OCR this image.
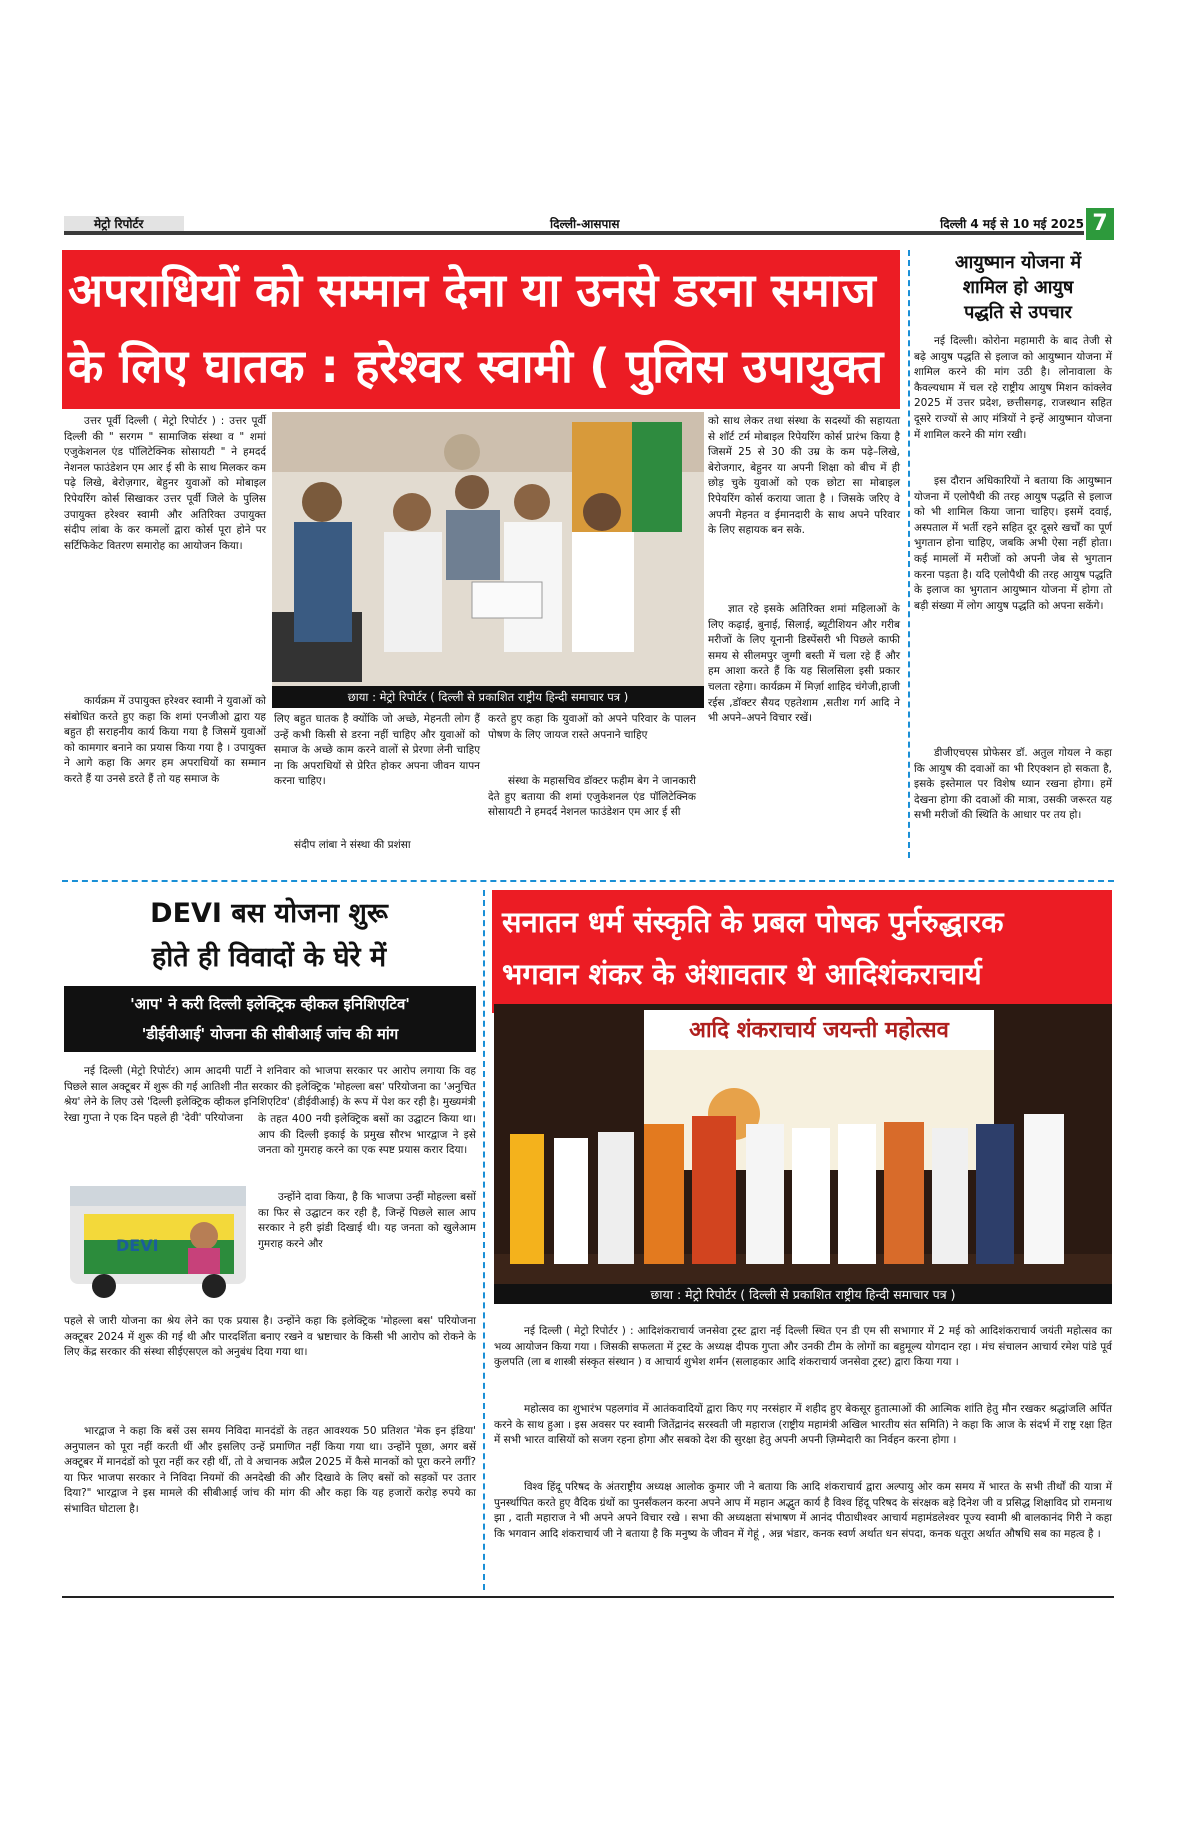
मेट्रो रिपोर्टर	दिल्ली-आसपास	दिल्ली 4 मई से 10 मई 2025 7
अपराधियों को सम्मान देना या उनसे डरना समाज
के लिए घातक : हरेश्वर स्वामी ( पुलिस उपायुक्त )
आयुष्मान योजना में
शामिल हो आयुष
पद्धति से उपचार
नई दिल्ली। कोरोना महामारी के बाद तेजी से बढ़े आयुष पद्धति से इलाज को आयुष्मान योजना में शामिल करने की मांग उठी है। लोनावाला के कैवल्यधाम में चल रहे राष्ट्रीय आयुष मिशन कांक्लेव 2025 में उत्तर प्रदेश, छत्तीसगढ़, राजस्थान सहित दूसरे राज्यों से आए मंत्रियों ने इन्हें आयुष्मान योजना में शामिल करने की मांग रखी।
इस दौरान अधिकारियों ने बताया कि आयुष्मान योजना में एलोपैथी की तरह आयुष पद्धति से इलाज को भी शामिल किया जाना चाहिए। इसमें दवाई, अस्पताल में भर्ती रहने सहित दूर दूसरे खर्चों का पूर्ण भुगतान होना चाहिए, जबकि अभी ऐसा नहीं होता। कई मामलों में मरीजों को अपनी जेब से भुगतान करना पड़ता है। यदि एलोपैथी की तरह आयुष पद्धति के इलाज का भुगतान आयुष्मान योजना में होगा तो बड़ी संख्या में लोग आयुष पद्धति को अपना सकेंगे।
डीजीएचएस प्रोफेसर डॉ. अतुल गोयल ने कहा कि आयुष की दवाओं का भी रिएक्शन हो सकता है, इसके इस्तेमाल पर विशेष ध्यान रखना होगा। हमें देखना होगा की दवाओं की मात्रा, उसकी जरूरत यह सभी मरीजों की स्थिति के आधार पर तय हो।
छाया : मेट्रो रिपोर्टर ( दिल्ली से प्रकाशित राष्ट्रीय हिन्दी समाचार पत्र )
उत्तर पूर्वी दिल्ली ( मेट्रो रिपोर्टर ) : उत्तर पूर्वी दिल्ली की " सरगम " सामाजिक संस्था व " शमां एजुकेशनल एंड पॉलिटेक्निक सोसायटी " ने हमदर्द नेशनल फाउंडेशन एम आर ई सी के साथ मिलकर कम पढ़े लिखे, बेरोज़गार, बेहुनर युवाओं को मोबाइल रिपेयरिंग कोर्स सिखाकर उत्तर पूर्वी जिले के पुलिस उपायुक्त हरेश्वर स्वामी और अतिरिक्त उपायुक्त संदीप लांबा के कर कमलों द्वारा कोर्स पूरा होने पर सर्टिफिकेट वितरण समारोह का आयोजन किया।
कार्यक्रम में उपायुक्त हरेश्वर स्वामी ने युवाओं को संबोधित करते हुए कहा कि शमां एनजीओ द्वारा यह बहुत ही सराहनीय कार्य किया गया है जिसमें युवाओं को कामगार बनाने का प्रयास किया गया है । उपायुक्त ने आगे कहा कि अगर हम अपराधियों का सम्मान करते हैं या उनसे डरते हैं तो यह समाज के
लिए बहुत घातक है क्योंकि जो अच्छे, मेहनती लोग हैं उन्हें कभी किसी से डरना नहीं चाहिए और युवाओं को समाज के अच्छे काम करने वालों से प्रेरणा लेनी चाहिए ना कि अपराधियों से प्रेरित होकर अपना जीवन यापन करना चाहिए।
संदीप लांबा ने संस्था की प्रशंसा
करते हुए कहा कि युवाओं को अपने परिवार के पालन पोषण के लिए जायज रास्ते अपनाने चाहिए
संस्था के महासचिव डॉक्टर फहीम बेग ने जानकारी देते हुए बताया की शमां एजुकेशनल एंड पॉलिटेक्निक सोसायटी ने हमदर्द नेशनल फाउंडेशन एम आर ई सी
को साथ लेकर तथा संस्था के सदस्यों की सहायता से शॉर्ट टर्म मोबाइल रिपेयरिंग कोर्स प्रारंभ किया है जिसमें 25 से 30 की उम्र के कम पढ़े–लिखे, बेरोजगार, बेहुनर या अपनी शिक्षा को बीच में ही छोड़ चुके युवाओं को एक छोटा सा मोबाइल रिपेयरिंग कोर्स कराया जाता है । जिसके जरिए वे अपनी मेहनत व ईमानदारी के साथ अपने परिवार के लिए सहायक बन सके.
ज्ञात रहे इसके अतिरिक्त शमां महिलाओं के लिए कढ़ाई, बुनाई, सिलाई, ब्यूटीशियन और गरीब मरीजों के लिए यूनानी डिस्पेंसरी भी पिछले काफी समय से सीलमपुर जुग्गी बस्ती में चला रहे हैं और हम आशा करते हैं कि यह सिलसिला इसी प्रकार चलता रहेगा। कार्यक्रम में मिर्ज़ा शाहिद चंगेजी,हाजी रईस ,डॉक्टर सैयद एहतेशाम ,सतीश गर्ग आदि ने भी अपने–अपने विचार रखें।
DEVI बस योजना शुरू
होते ही विवादों के घेरे में
'आप' ने करी दिल्ली इलेक्ट्रिक व्हीकल इनिशिएटिव'
'डीईवीआई' योजना की सीबीआई जांच की मांग
नई दिल्ली (मेट्रो रिपोर्टर) आम आदमी पार्टी ने शनिवार को भाजपा सरकार पर आरोप लगाया कि वह पिछले साल अक्टूबर में शुरू की गई आतिशी नीत सरकार की इलेक्ट्रिक 'मोहल्ला बस' परियोजना का 'अनुचित श्रेय' लेने के लिए उसे 'दिल्ली इलेक्ट्रिक व्हीकल इनिशिएटिव' (डीईवीआई) के रूप में पेश कर रही है। मुख्यमंत्री रेखा गुप्ता ने एक दिन पहले ही 'देवी' परियोजना
DEVI
के तहत 400 नयी इलेक्ट्रिक बसों का उद्घाटन किया था। आप की दिल्ली इकाई के प्रमुख सौरभ भारद्वाज ने इसे जनता को गुमराह करने का एक स्पष्ट प्रयास करार दिया।
उन्होंने दावा किया, है कि भाजपा उन्हीं मोहल्ला बसों का फिर से उद्घाटन कर रही है, जिन्हें पिछले साल आप सरकार ने हरी झंडी दिखाई थी। यह जनता को खुलेआम गुमराह करने और
पहले से जारी योजना का श्रेय लेने का एक प्रयास है। उन्होंने कहा कि इलेक्ट्रिक 'मोहल्ला बस' परियोजना अक्टूबर 2024 में शुरू की गई थी और पारदर्शिता बनाए रखने व भ्रष्टाचार के किसी भी आरोप को रोकने के लिए केंद्र सरकार की संस्था सीईएसएल को अनुबंध दिया गया था।
भारद्वाज ने कहा कि बसें उस समय निविदा मानदंडों के तहत आवश्यक 50 प्रतिशत 'मेक इन इंडिया' अनुपालन को पूरा नहीं करती थीं और इसलिए उन्हें प्रमाणित नहीं किया गया था। उन्होंने पूछा, अगर बसें अक्टूबर में मानदंडों को पूरा नहीं कर रही थीं, तो वे अचानक अप्रैल 2025 में कैसे मानकों को पूरा करने लगीं? या फिर भाजपा सरकार ने निविदा नियमों की अनदेखी की और दिखावे के लिए बसों को सड़कों पर उतार दिया?" भारद्वाज ने इस मामले की सीबीआई जांच की मांग की और कहा कि यह हजारों करोड़ रुपये का संभावित घोटाला है।
सनातन धर्म संस्कृति के प्रबल पोषक पुर्नरुद्धारक
भगवान शंकर के अंशावतार थे आदिशंकराचार्य
आदि शंकराचार्य जयन्ती महोत्सव
छाया : मेट्रो रिपोर्टर ( दिल्ली से प्रकाशित राष्ट्रीय हिन्दी समाचार पत्र )
नई दिल्ली ( मेट्रो रिपोर्टर ) : आदिशंकराचार्य जनसेवा ट्रस्ट द्वारा नई दिल्ली स्थित एन डी एम सी सभागार में 2 मई को आदिशंकराचार्य जयंती महोत्सव का भव्य आयोजन किया गया । जिसकी सफलता में ट्रस्ट के अध्यक्ष दीपक गुप्ता और उनकी टीम के लोगों का बहुमूल्य योगदान रहा । मंच संचालन आचार्य रमेश पांडे पूर्व कुलपति (ला ब शास्त्री संस्कृत संस्थान ) व आचार्य शुभेश शर्मन (सलाहकार आदि शंकराचार्य जनसेवा ट्रस्ट) द्वारा किया गया ।
महोत्सव का शुभारंभ पहलगांव में आतंकवादियों द्वारा किए गए नरसंहार में शहीद हुए बेकसूर हुतात्माओं की आत्मिक शांति हेतु मौन रखकर श्रद्धांजलि अर्पित करने के साथ हुआ । इस अवसर पर स्वामी जितेंद्रानंद सरस्वती जी महाराज (राष्ट्रीय महामंत्री अखिल भारतीय संत समिति) ने कहा कि आज के संदर्भ में राष्ट्र रक्षा हित में सभी भारत वासियों को सजग रहना होगा और सबको देश की सुरक्षा हेतु अपनी अपनी ज़िम्मेदारी का निर्वहन करना होगा ।
विश्व हिंदू परिषद के अंतराष्ट्रीय अध्यक्ष आलोक कुमार जी ने बताया कि आदि शंकराचार्य द्वारा अल्पायु ओर कम समय में भारत के सभी तीर्थों की यात्रा में पुनर्स्थापित करते हुए वैदिक ग्रंथों का पुनर्संकलन करना अपने आप में महान अद्भुत कार्य है विश्व हिंदू परिषद के संरक्षक बड़े दिनेश जी व प्रसिद्ध शिक्षाविद प्रो रामनाथ झा , दाती महाराज ने भी अपने अपने विचार रखे । सभा की अध्यक्षता संभाषण में आनंद पीठाधीश्वर आचार्य महामंडलेश्वर पूज्य स्वामी श्री बालकानंद गिरी ने कहा कि भगवान आदि शंकराचार्य जी ने बताया है कि मनुष्य के जीवन में गेहूं , अन्न भंडार, कनक स्वर्ण अर्थात धन संपदा, कनक धतूरा अर्थात औषधि सब का महत्व है ।
